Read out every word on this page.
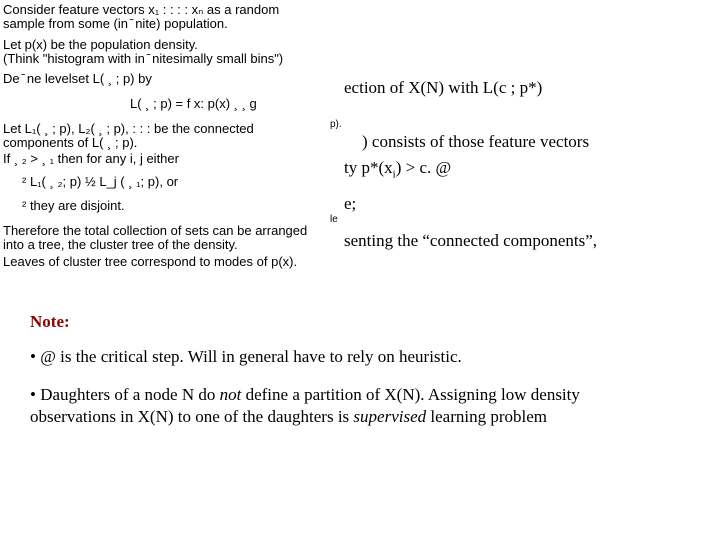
ection of X(N) with L(c ; p*)
) consists of those feature vectors
ty $p*(x_i) > c$. @
e;
senting the “connected components”,
Consider feature vectors x₁ : : : : xₙ as a random
sample from some (in ̄ nite) population.
Let p(x) be the population density.
(Think "histogram with in ̄ nitesimally small bins")
De ̄ ne levelset L( ¸ ; p) by
L( ¸ ; p) = f x: p(x) ¸ ¸ g
p).
Let L₁( ¸ ; p), L₂( ¸ ; p), : : : be the connected
components of L( ¸ ; p).
If ¸ ₂ > ¸ ₁ then for any i, j either
² L₁( ¸ ₂; p) ½ L_j ( ¸ ₁; p), or
² they are disjoint.
le
Therefore the total collection of sets can be arranged
into a tree, the cluster tree of the density.
Leaves of cluster tree correspond to modes of p(x).
Note:
• @ is the critical step. Will in general have to rely on heuristic.
• Daughters of a node N do not define a partition of X(N). Assigning low density observations in X(N) to one of the daughters is supervised learning problem
